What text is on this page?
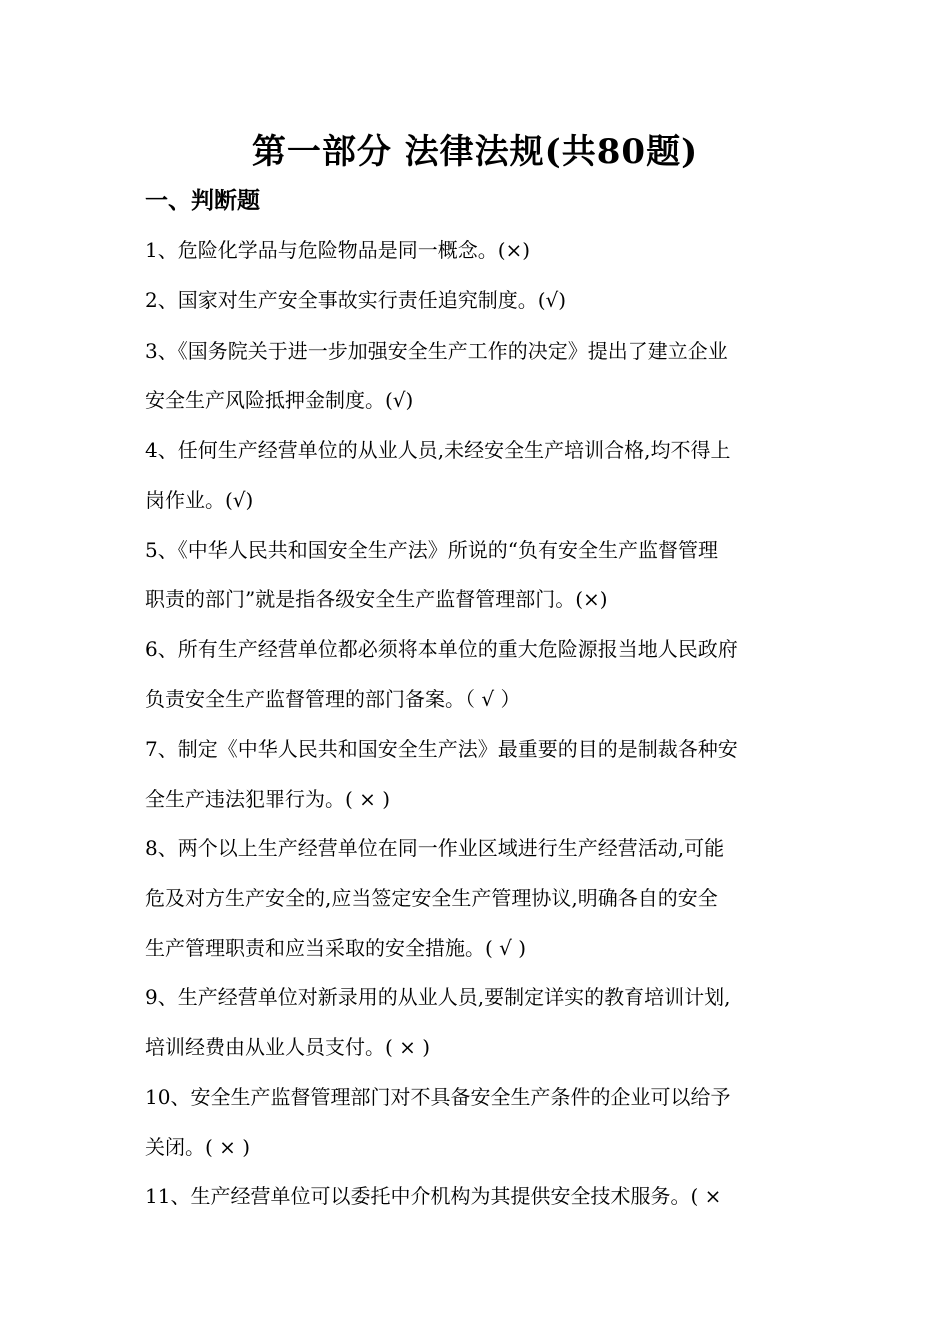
第一部分 法律法规(共80题)
一、判断题
1、危险化学品与危险物品是同一概念。(×)
2、国家对生产安全事故实行责任追究制度。(√)
3、《国务院关于进一步加强安全生产工作的决定》提出了建立企业
安全生产风险抵押金制度。(√)
4、任何生产经营单位的从业人员,未经安全生产培训合格,均不得上
岗作业。(√)
5、《中华人民共和国安全生产法》所说的“负有安全生产监督管理
职责的部门”就是指各级安全生产监督管理部门。(×)
6、所有生产经营单位都必须将本单位的重大危险源报当地人民政府
负责安全生产监督管理的部门备案。（ √ ）
7、制定《中华人民共和国安全生产法》最重要的目的是制裁各种安
全生产违法犯罪行为。( × )
8、两个以上生产经营单位在同一作业区域进行生产经营活动,可能
危及对方生产安全的,应当签定安全生产管理协议,明确各自的安全
生产管理职责和应当采取的安全措施。( √ )
9、生产经营单位对新录用的从业人员,要制定详实的教育培训计划,
培训经费由从业人员支付。( × )
10、安全生产监督管理部门对不具备安全生产条件的企业可以给予
关闭。( × )
11、生产经营单位可以委托中介机构为其提供安全技术服务。( ×
